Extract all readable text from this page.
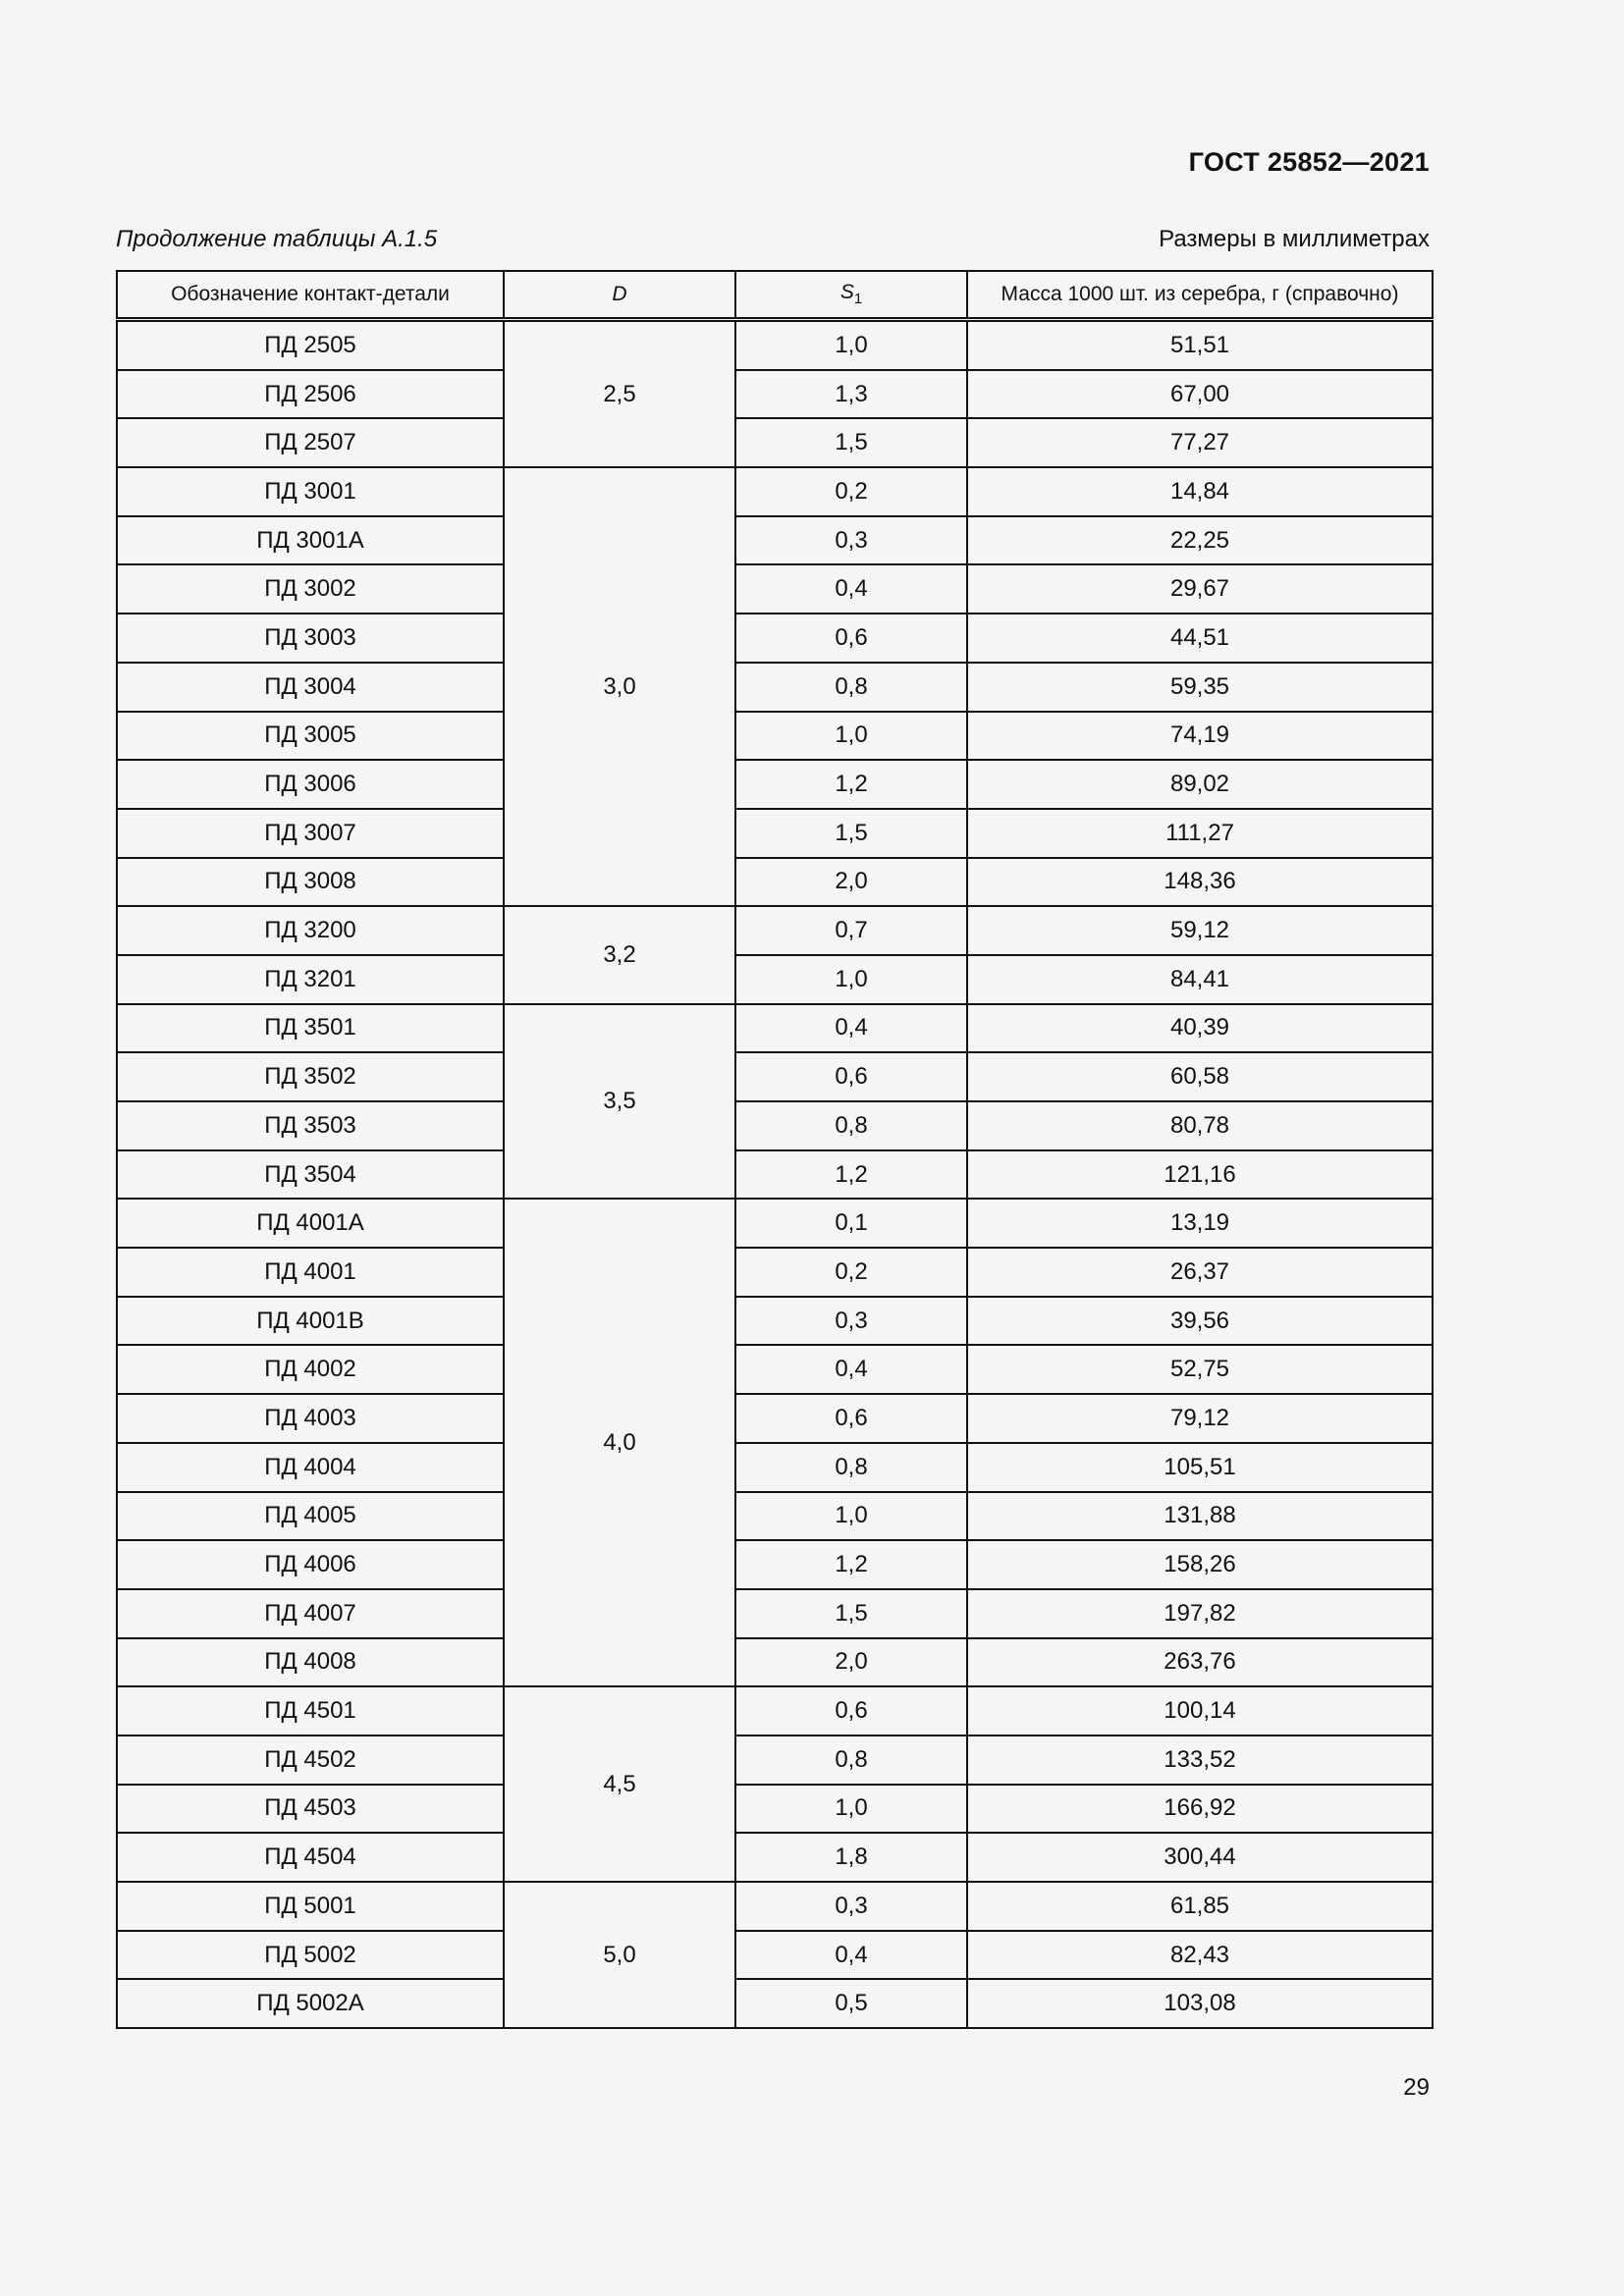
ГОСТ 25852—2021
Продолжение таблицы А.1.5	Размеры в миллиметрах
Обозначение контакт-детали	D	$S_1$	Масса 1000 шт. из серебра, г (справочно)
ПД 2505	2,5	1,0	51,51
ПД 2506		1,3	67,00
ПД 2507		1,5	77,27
ПД 3001	3,0	0,2	14,84
ПД 3001А		0,3	22,25
ПД 3002		0,4	29,67
ПД 3003		0,6	44,51
ПД 3004		0,8	59,35
ПД 3005		1,0	74,19
ПД 3006		1,2	89,02
ПД 3007		1,5	111,27
ПД 3008		2,0	148,36
ПД 3200	3,2	0,7	59,12
ПД 3201		1,0	84,41
ПД 3501	3,5	0,4	40,39
ПД 3502		0,6	60,58
ПД 3503		0,8	80,78
ПД 3504		1,2	121,16
ПД 4001А	4,0	0,1	13,19
ПД 4001		0,2	26,37
ПД 4001В		0,3	39,56
ПД 4002		0,4	52,75
ПД 4003		0,6	79,12
ПД 4004		0,8	105,51
ПД 4005		1,0	131,88
ПД 4006		1,2	158,26
ПД 4007		1,5	197,82
ПД 4008		2,0	263,76
ПД 4501	4,5	0,6	100,14
ПД 4502		0,8	133,52
ПД 4503		1,0	166,92
ПД 4504		1,8	300,44
ПД 5001	5,0	0,3	61,85
ПД 5002		0,4	82,43
ПД 5002А		0,5	103,08
29
